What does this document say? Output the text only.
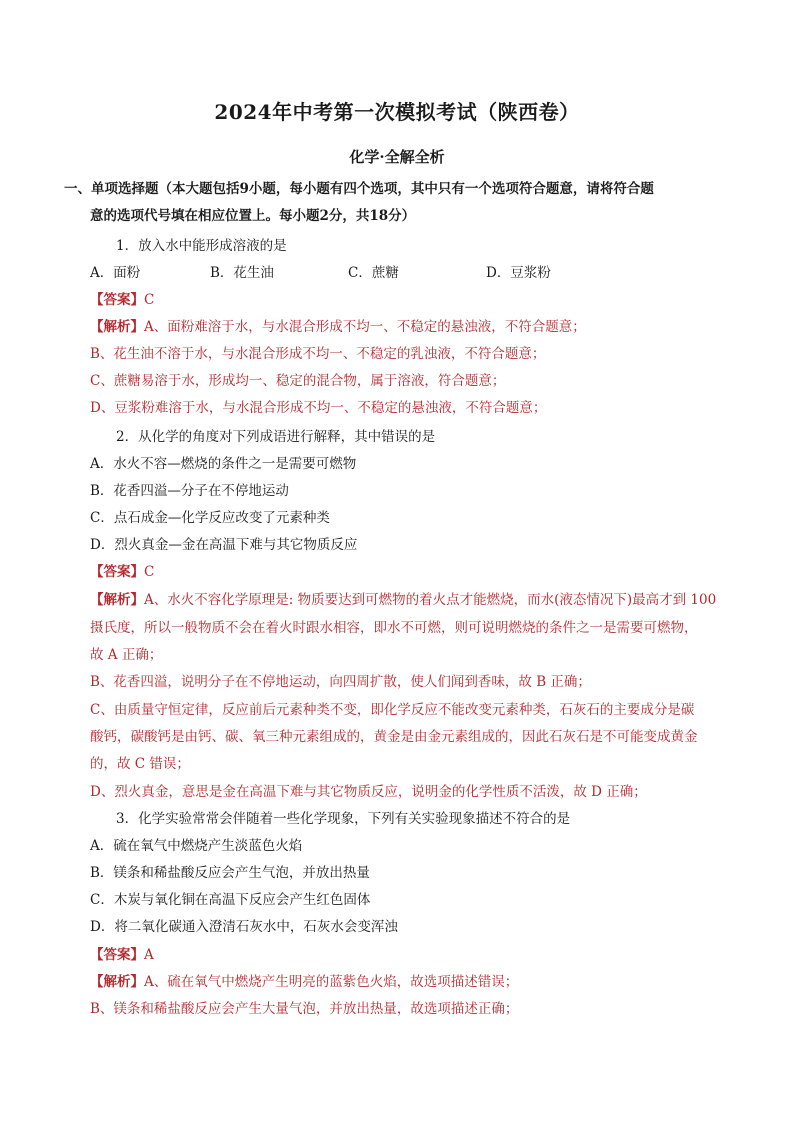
2024年中考第一次模拟考试（陕西卷）
化学·全解全析
一、单项选择题（本大题包括9小题，每小题有四个选项，其中只有一个选项符合题意，请将符合题
意的选项代号填在相应位置上。每小题2分，共18分）
1．放入水中能形成溶液的是
A．面粉	B．花生油	C．蔗糖	D．豆浆粉
【答案】C
【解析】A、面粉难溶于水，与水混合形成不均一、不稳定的悬浊液，不符合题意；
B、花生油不溶于水，与水混合形成不均一、不稳定的乳浊液，不符合题意；
C、蔗糖易溶于水，形成均一、稳定的混合物，属于溶液，符合题意；
D、豆浆粉难溶于水，与水混合形成不均一、不稳定的悬浊液，不符合题意；
2．从化学的角度对下列成语进行解释，其中错误的是
A．水火不容—燃烧的条件之一是需要可燃物
B．花香四溢—分子在不停地运动
C．点石成金—化学反应改变了元素种类
D．烈火真金—金在高温下难与其它物质反应
【答案】C
【解析】A、水火不容化学原理是: 物质要达到可燃物的着火点才能燃烧，而水(液态情况下)最高才到 100
摄氏度，所以一般物质不会在着火时跟水相容，即水不可燃，则可说明燃烧的条件之一是需要可燃物，
故 A 正确；
B、花香四溢，说明分子在不停地运动，向四周扩散，使人们闻到香味，故 B 正确；
C、由质量守恒定律，反应前后元素种类不变，即化学反应不能改变元素种类，石灰石的主要成分是碳
酸钙，碳酸钙是由钙、碳、氧三种元素组成的，黄金是由金元素组成的，因此石灰石是不可能变成黄金
的，故 C 错误；
D、烈火真金，意思是金在高温下难与其它物质反应，说明金的化学性质不活泼，故 D 正确；
3．化学实验常常会伴随着一些化学现象，下列有关实验现象描述不符合的是
A．硫在氧气中燃烧产生淡蓝色火焰
B．镁条和稀盐酸反应会产生气泡，并放出热量
C．木炭与氧化铜在高温下反应会产生红色固体
D．将二氧化碳通入澄清石灰水中，石灰水会变浑浊
【答案】A
【解析】A、硫在氧气中燃烧产生明亮的蓝紫色火焰，故选项描述错误；
B、镁条和稀盐酸反应会产生大量气泡，并放出热量，故选项描述正确；
